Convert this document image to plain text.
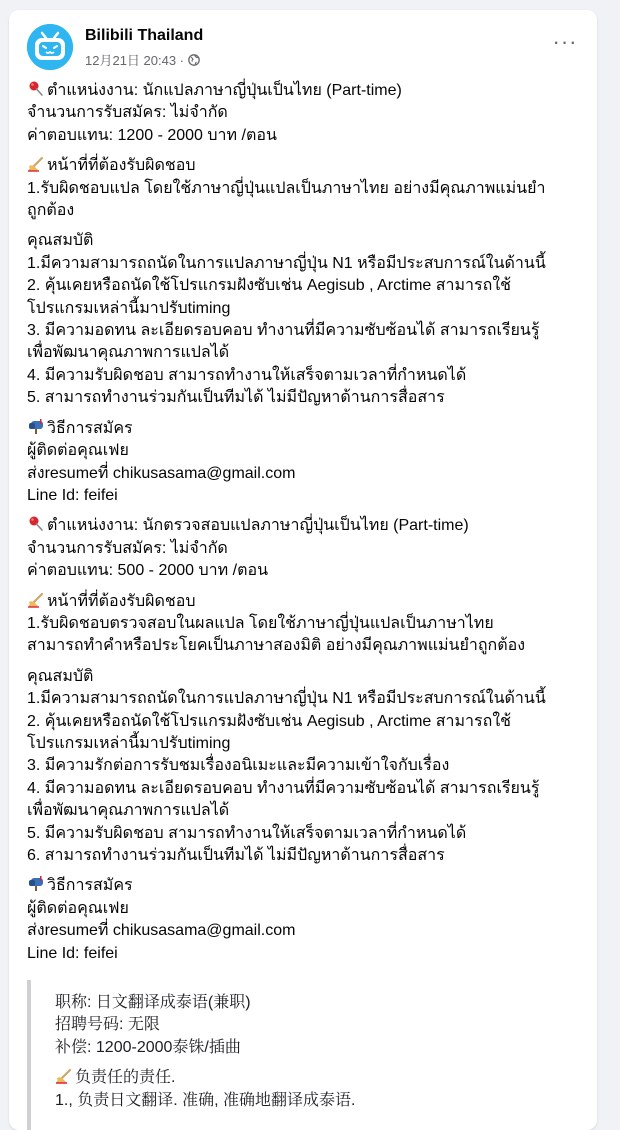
Bilibili Thailand
12月21日 20:43 ·
···
ตำแหน่งงาน: นักแปลภาษาญี่ปุ่นเป็นไทย (Part-time)
จำนวนการรับสมัคร: ไม่จำกัด
ค่าตอบแทน: 1200 - 2000 บาท /ตอน
หน้าที่ที่ต้องรับผิดชอบ
1.รับผิดชอบแปล โดยใช้ภาษาญี่ปุ่นแปลเป็นภาษาไทย อย่างมีคุณภาพแม่นยำ
ถูกต้อง
คุณสมบัติ
1.มีความสามารถถนัดในการแปลภาษาญี่ปุ่น N1 หรือมีประสบการณ์ในด้านนี้
2. คุ้นเคยหรือถนัดใช้โปรแกรมฝังซับเช่น Aegisub , Arctime สามารถใช้
โปรแกรมเหล่านี้มาปรับtiming
3. มีความอดทน ละเอียดรอบคอบ ทำงานที่มีความซับซ้อนได้ สามารถเรียนรู้
เพื่อพัฒนาคุณภาพการแปลได้
4. มีความรับผิดชอบ สามารถทำงานให้เสร็จตามเวลาที่กำหนดได้
5. สามารถทำงานร่วมกันเป็นทีมได้ ไม่มีปัญหาด้านการสื่อสาร
วิธีการสมัคร
ผู้ติดต่อคุณเฟย
ส่งresumeที่ chikusasama@gmail.com
Line Id: feifei
ตำแหน่งงาน: นักตรวจสอบแปลภาษาญี่ปุ่นเป็นไทย (Part-time)
จำนวนการรับสมัคร: ไม่จำกัด
ค่าตอบแทน: 500 - 2000 บาท /ตอน
หน้าที่ที่ต้องรับผิดชอบ
1.รับผิดชอบตรวจสอบในผลแปล โดยใช้ภาษาญี่ปุ่นแปลเป็นภาษาไทย
สามารถทำคำหรือประโยคเป็นภาษาสองมิติ อย่างมีคุณภาพแม่นยำถูกต้อง
คุณสมบัติ
1.มีความสามารถถนัดในการแปลภาษาญี่ปุ่น N1 หรือมีประสบการณ์ในด้านนี้
2. คุ้นเคยหรือถนัดใช้โปรแกรมฝังซับเช่น Aegisub , Arctime สามารถใช้
โปรแกรมเหล่านี้มาปรับtiming
3. มีความรักต่อการรับชมเรื่องอนิเมะและมีความเข้าใจกับเรื่อง
4. มีความอดทน ละเอียดรอบคอบ ทำงานที่มีความซับซ้อนได้ สามารถเรียนรู้
เพื่อพัฒนาคุณภาพการแปลได้
5. มีความรับผิดชอบ สามารถทำงานให้เสร็จตามเวลาที่กำหนดได้
6. สามารถทำงานร่วมกันเป็นทีมได้ ไม่มีปัญหาด้านการสื่อสาร
วิธีการสมัคร
ผู้ติดต่อคุณเฟย
ส่งresumeที่ chikusasama@gmail.com
Line Id: feifei
职称: 日文翻译成泰语(兼职)
招聘号码: 无限
补偿: 1200-2000泰铢/插曲
负责任的责任.
1., 负责日文翻译. 准确, 准确地翻译成泰语.
